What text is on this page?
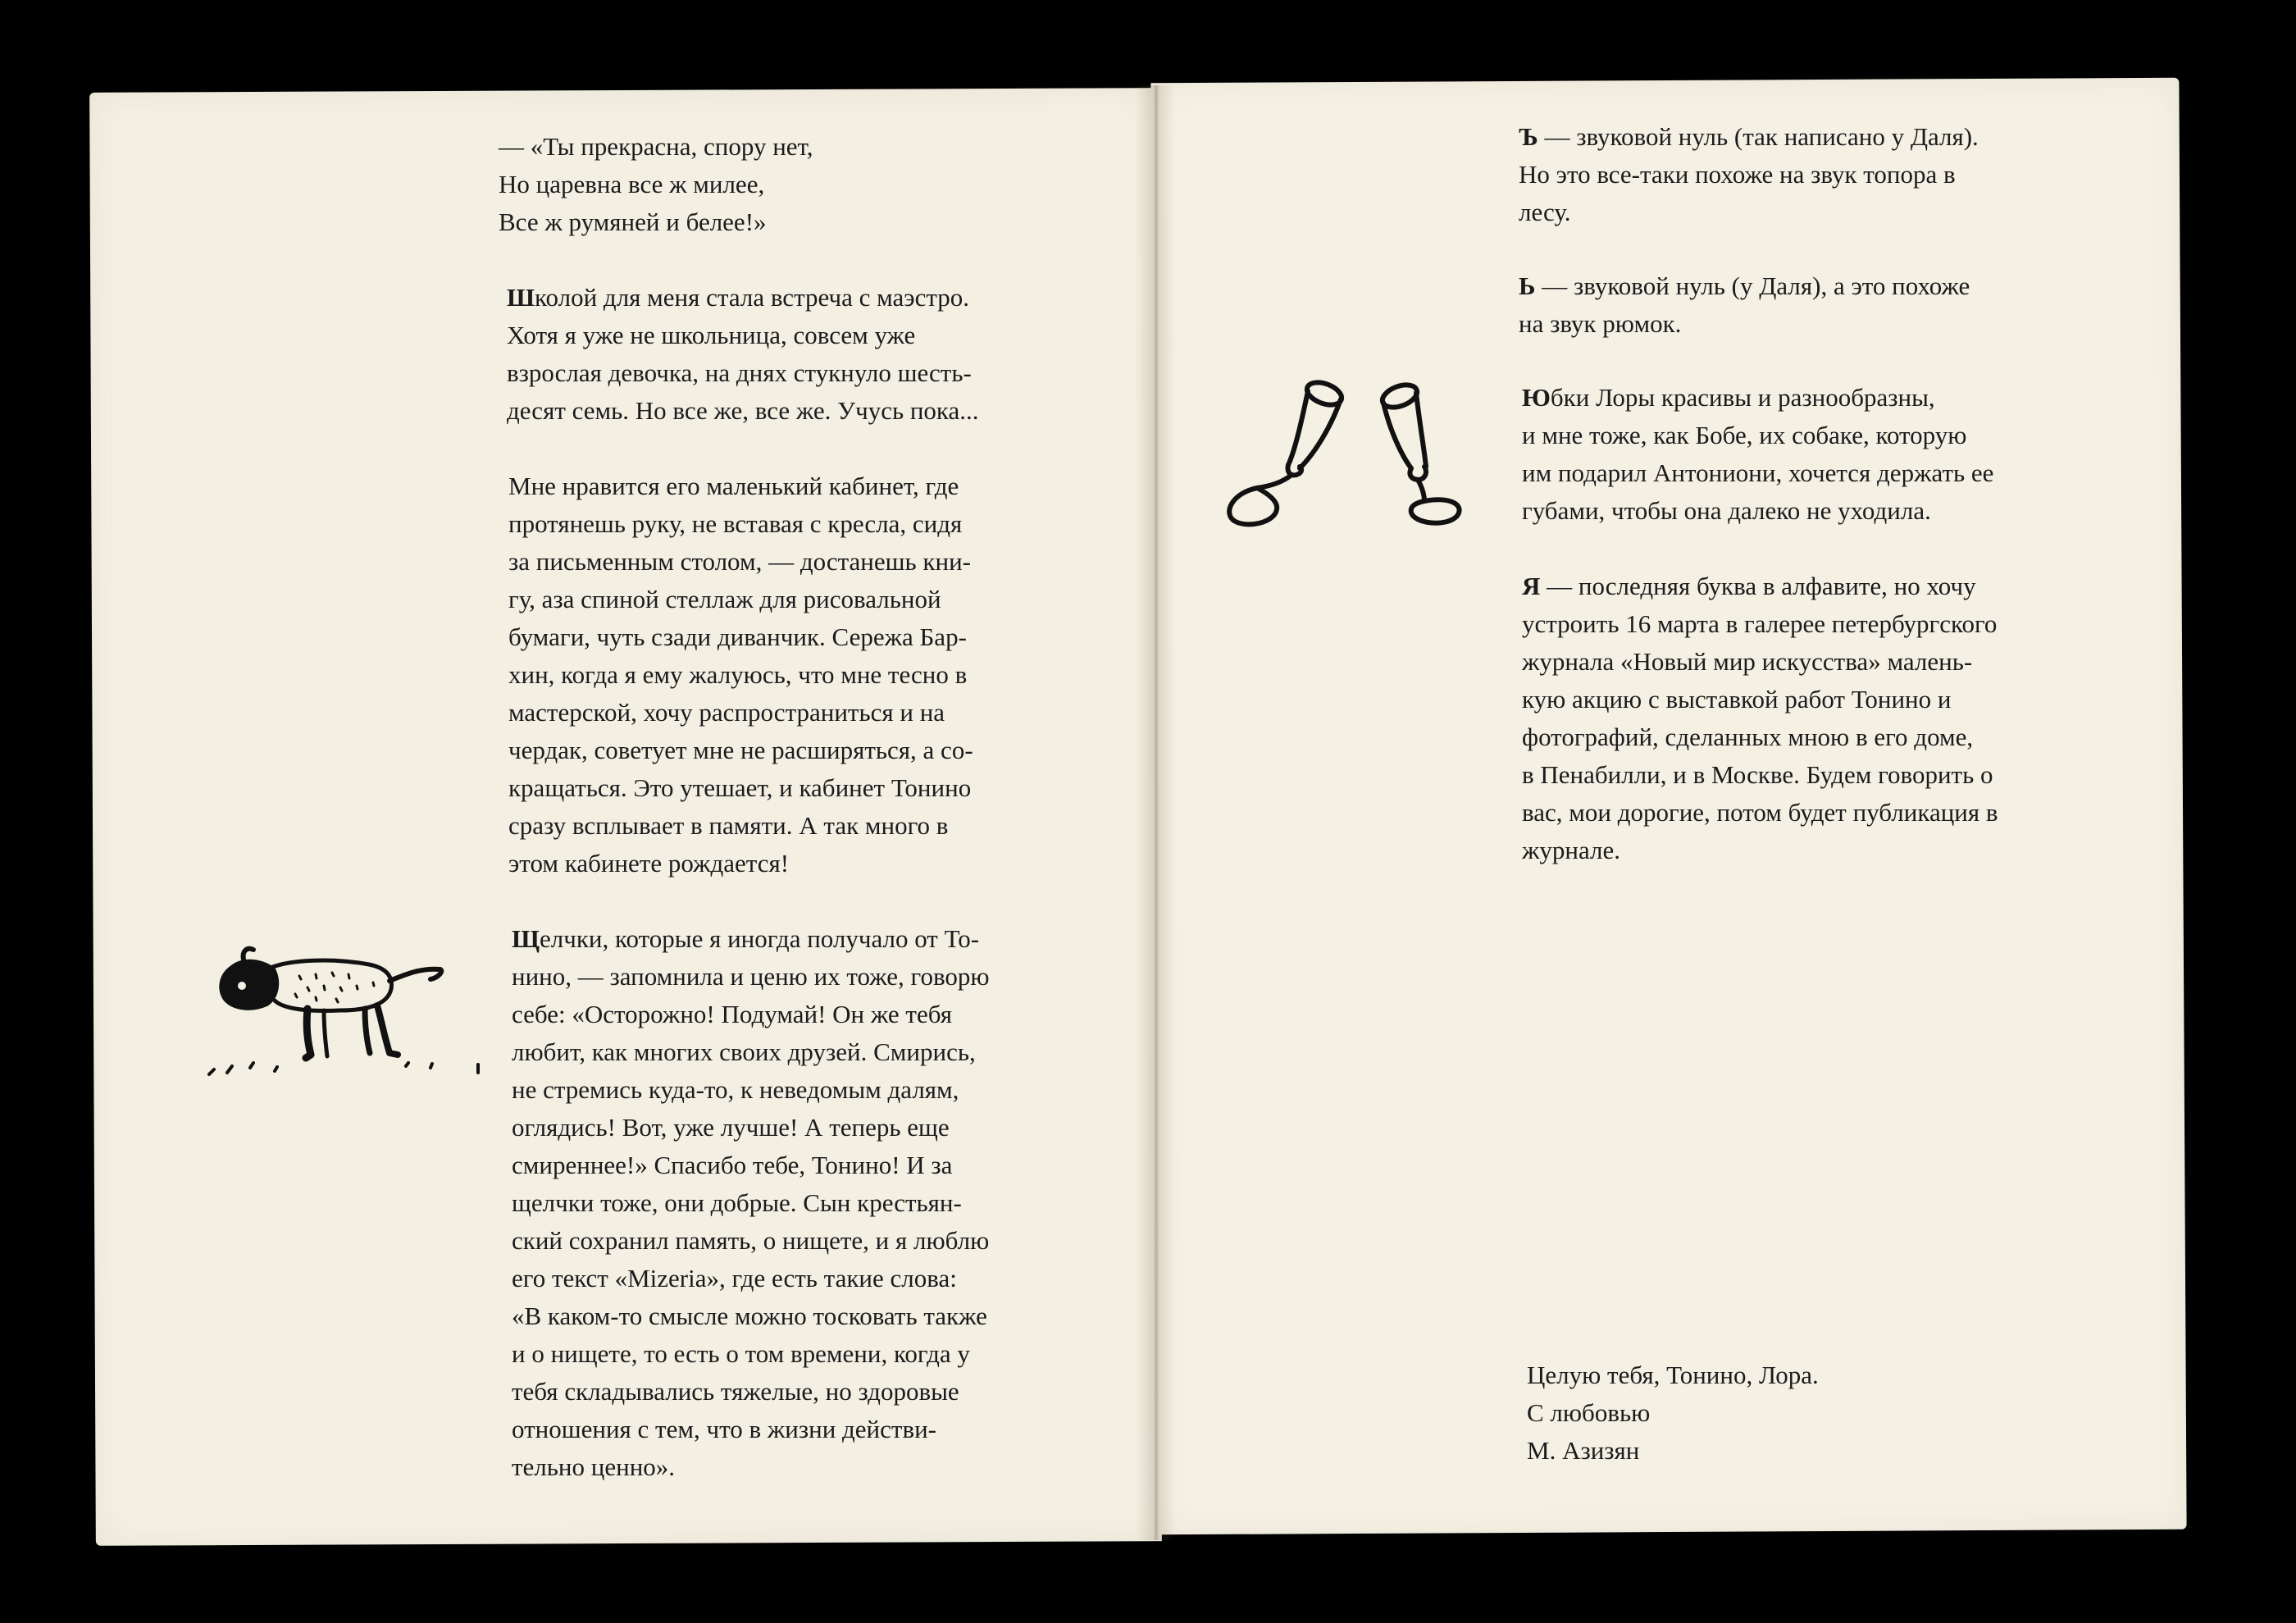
— «Ты прекрасна, спору нет,
Но царевна все ж милее,
Все ж румяней и белее!»

Школой для меня стала встреча с маэстро.
Хотя я уже не школьница, совсем уже
взрослая девочка, на днях стукнуло шесть-
десят семь. Но все же, все же. Учусь пока...

Мне нравится его маленький кабинет, где
протянешь руку, не вставая с кресла, сидя
за письменным столом, — достанешь кни-
гу, аза спиной стеллаж для рисовальной
бумаги, чуть сзади диванчик. Сережа Бар-
хин, когда я ему жалуюсь, что мне тесно в
мастерской, хочу распространиться и на
чердак, советует мне не расширяться, а со-
кращаться. Это утешает, и кабинет Тонино
сразу всплывает в памяти. А так много в
этом кабинете рождается!

Щелчки, которые я иногда получало от То-
нино, — запомнила и ценю их тоже, говорю
себе: «Осторожно! Подумай! Он же тебя
любит, как многих своих друзей. Смирись,
не стремись куда-то, к неведомым далям,
оглядись! Вот, уже лучше! А теперь еще
смиреннее!» Спасибо тебе, Тонино! И за
щелчки тоже, они добрые. Сын крестьян-
ский сохранил память, о нищете, и я люблю
его текст «Mizeria», где есть такие слова:
«В каком-то смысле можно тосковать также
и о нищете, то есть о том времени, когда у
тебя складывались тяжелые, но здоровые
отношения с тем, что в жизни действи-
тельно ценно».

Ъ — звуковой нуль (так написано у Даля).
Но это все-таки похоже на звук топора в
лесу.

Ь — звуковой нуль (у Даля), а это похоже
на звук рюмок.

Юбки Лоры красивы и разнообразны,
и мне тоже, как Бобе, их собаке, которую
им подарил Антониони, хочется держать ее
губами, чтобы она далеко не уходила.

Я — последняя буква в алфавите, но хочу
устроить 16 марта в галерее петербургского
журнала «Новый мир искусства» малень-
кую акцию с выставкой работ Тонино и
фотографий, сделанных мною в его доме,
в Пенабилли, и в Москве. Будем говорить о
вас, мои дорогие, потом будет публикация в
журнале.

Целую тебя, Тонино, Лора.
С любовью
М. Азизян
